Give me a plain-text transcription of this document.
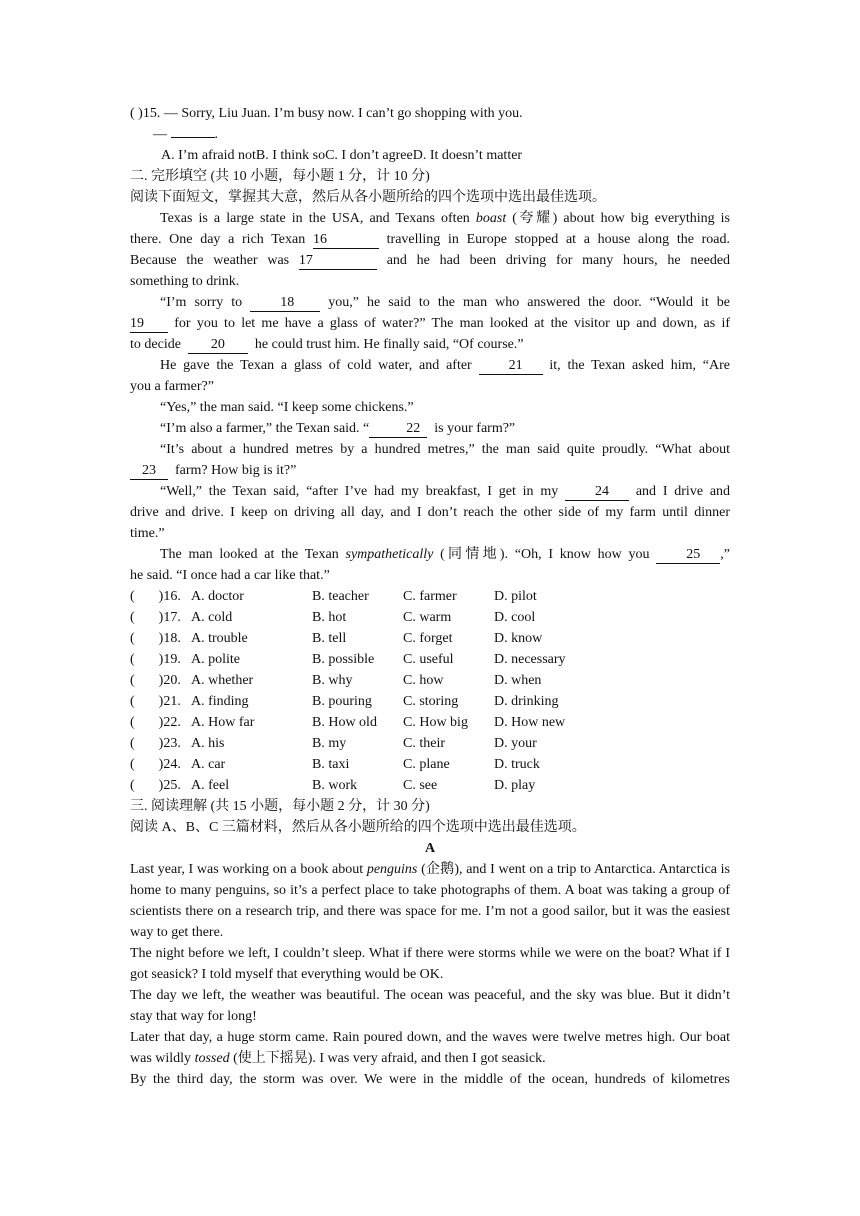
( )15. — Sorry, Liu Juan. I’m busy now. I can’t go shopping with you.
—	.
A. I’m afraid notB. I think soC. I don’t agreeD. It doesn’t matter
二. 完形填空 (共 10 小题，每小题 1 分，计 10 分)
阅读下面短文，掌握其大意，然后从各小题所给的四个选项中选出最佳选项。
Texas is a large state in the USA, and Texans often boast (夸耀) about how big everything is
there. One day a rich Texan 16	travelling in Europe stopped at a house along the road.
Because the weather was 17	and he had been driving for many hours, he needed
something to drink.
“I’m sorry to	18 you,” he said to the man who answered the door. “Would it be
19 for you to let me have a glass of water?” The man looked at the visitor up and down, as if
to decide 20 he could trust him. He finally said, “Of course.”
He gave the Texan a glass of cold water, and after	21 it, the Texan asked him, “Are
you a farmer?”
“Yes,” the man said. “I keep some chickens.”
“I’m also a farmer,” the Texan said. “	22 is your farm?”
“It’s about a hundred metres by a hundred metres,” the man said quite proudly. “What about
23 farm? How big is it?”
“Well,” the Texan said, “after I’ve had my breakfast, I get in my	24 and I drive and
drive and drive. I keep on driving all day, and I don’t reach the other side of my farm until dinner
time.”
The man looked at the Texan sympathetically (同情地). “Oh, I know how you	25 ,”
he said. “I once had a car like that.”
( )16. A. doctor	B. teacher	C. farmer	D. pilot
( )17. A. cold	B. hot	C. warm	D. cool
( )18. A. trouble	B. tell	C. forget	D. know
( )19. A. polite	B. possible	C. useful	D. necessary
( )20. A. whether	B. why	C. how	D. when
( )21. A. finding	B. pouring	C. storing	D. drinking
( )22. A. How far	B. How old	C. How big	D. How new
( )23. A. his	B. my	C. their	D. your
( )24. A. car	B. taxi	C. plane	D. truck
( )25. A. feel	B. work	C. see	D. play
三. 阅读理解 (共 15 小题，每小题 2 分，计 30 分)
阅读 A、B、C 三篇材料，然后从各小题所给的四个选项中选出最佳选项。
A
Last year, I was working on a book about penguins (企鹅), and I went on a trip to Antarctica. Antarctica is home to many penguins, so it’s a perfect place to take photographs of them. A boat was taking a group of scientists there on a research trip, and there was space for me. I’m not a good sailor, but it was the easiest way to get there.
The night before we left, I couldn’t sleep. What if there were storms while we were on the boat? What if I got seasick? I told myself that everything would be OK.
The day we left, the weather was beautiful. The ocean was peaceful, and the sky was blue. But it didn’t stay that way for long!
Later that day, a huge storm came. Rain poured down, and the waves were twelve metres high. Our boat was wildly tossed (使上下摇晃). I was very afraid, and then I got seasick.
By the third day, the storm was over. We were in the middle of the ocean, hundreds of kilometres
